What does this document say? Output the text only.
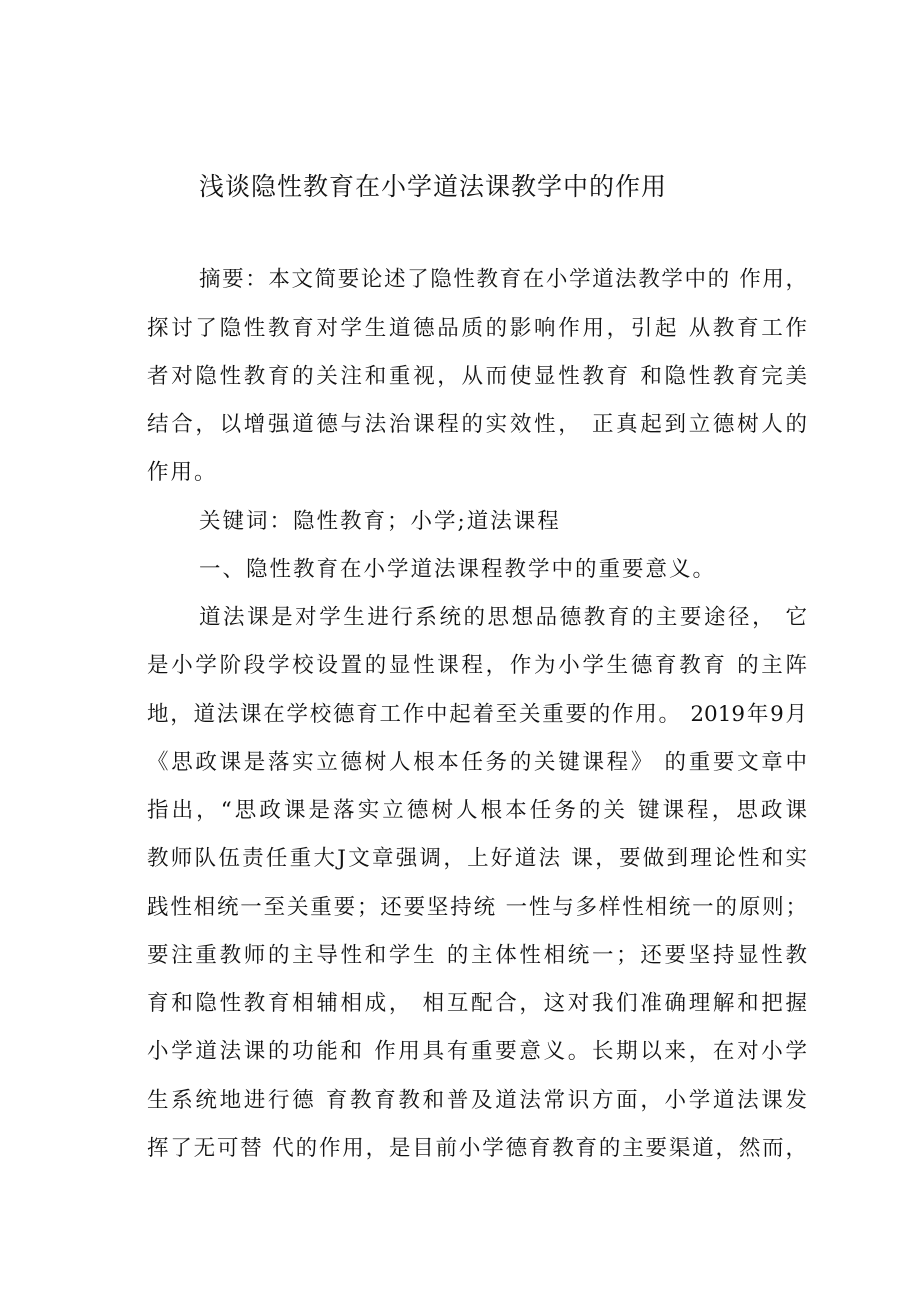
浅谈隐性教育在小学道法课教学中的作用
摘要：本文简要论述了隐性教育在小学道法教学中的 作用，
探讨了隐性教育对学生道德品质的影响作用，引起 从教育工作
者对隐性教育的关注和重视，从而使显性教育 和隐性教育完美
结合，以增强道德与法治课程的实效性， 正真起到立德树人的
作用。
关键词：隐性教育；小学;道法课程
一、隐性教育在小学道法课程教学中的重要意义。
道法课是对学生进行系统的思想品德教育的主要途径， 它
是小学阶段学校设置的显性课程，作为小学生德育教育 的主阵
地，道法课在学校德育工作中起着至关重要的作用。 2019年9月
《思政课是落实立德树人根本任务的关键课程》 的重要文章中
指出，“思政课是落实立德树人根本任务的关 键课程，思政课
教师队伍责任重大J文章强调，上好道法 课，要做到理论性和实
践性相统一至关重要；还要坚持统 一性与多样性相统一的原则；
要注重教师的主导性和学生 的主体性相统一；还要坚持显性教
育和隐性教育相辅相成， 相互配合，这对我们准确理解和把握
小学道法课的功能和 作用具有重要意义。长期以来，在对小学
生系统地进行德 育教育教和普及道法常识方面，小学道法课发
挥了无可替 代的作用，是目前小学德育教育的主要渠道，然而，
